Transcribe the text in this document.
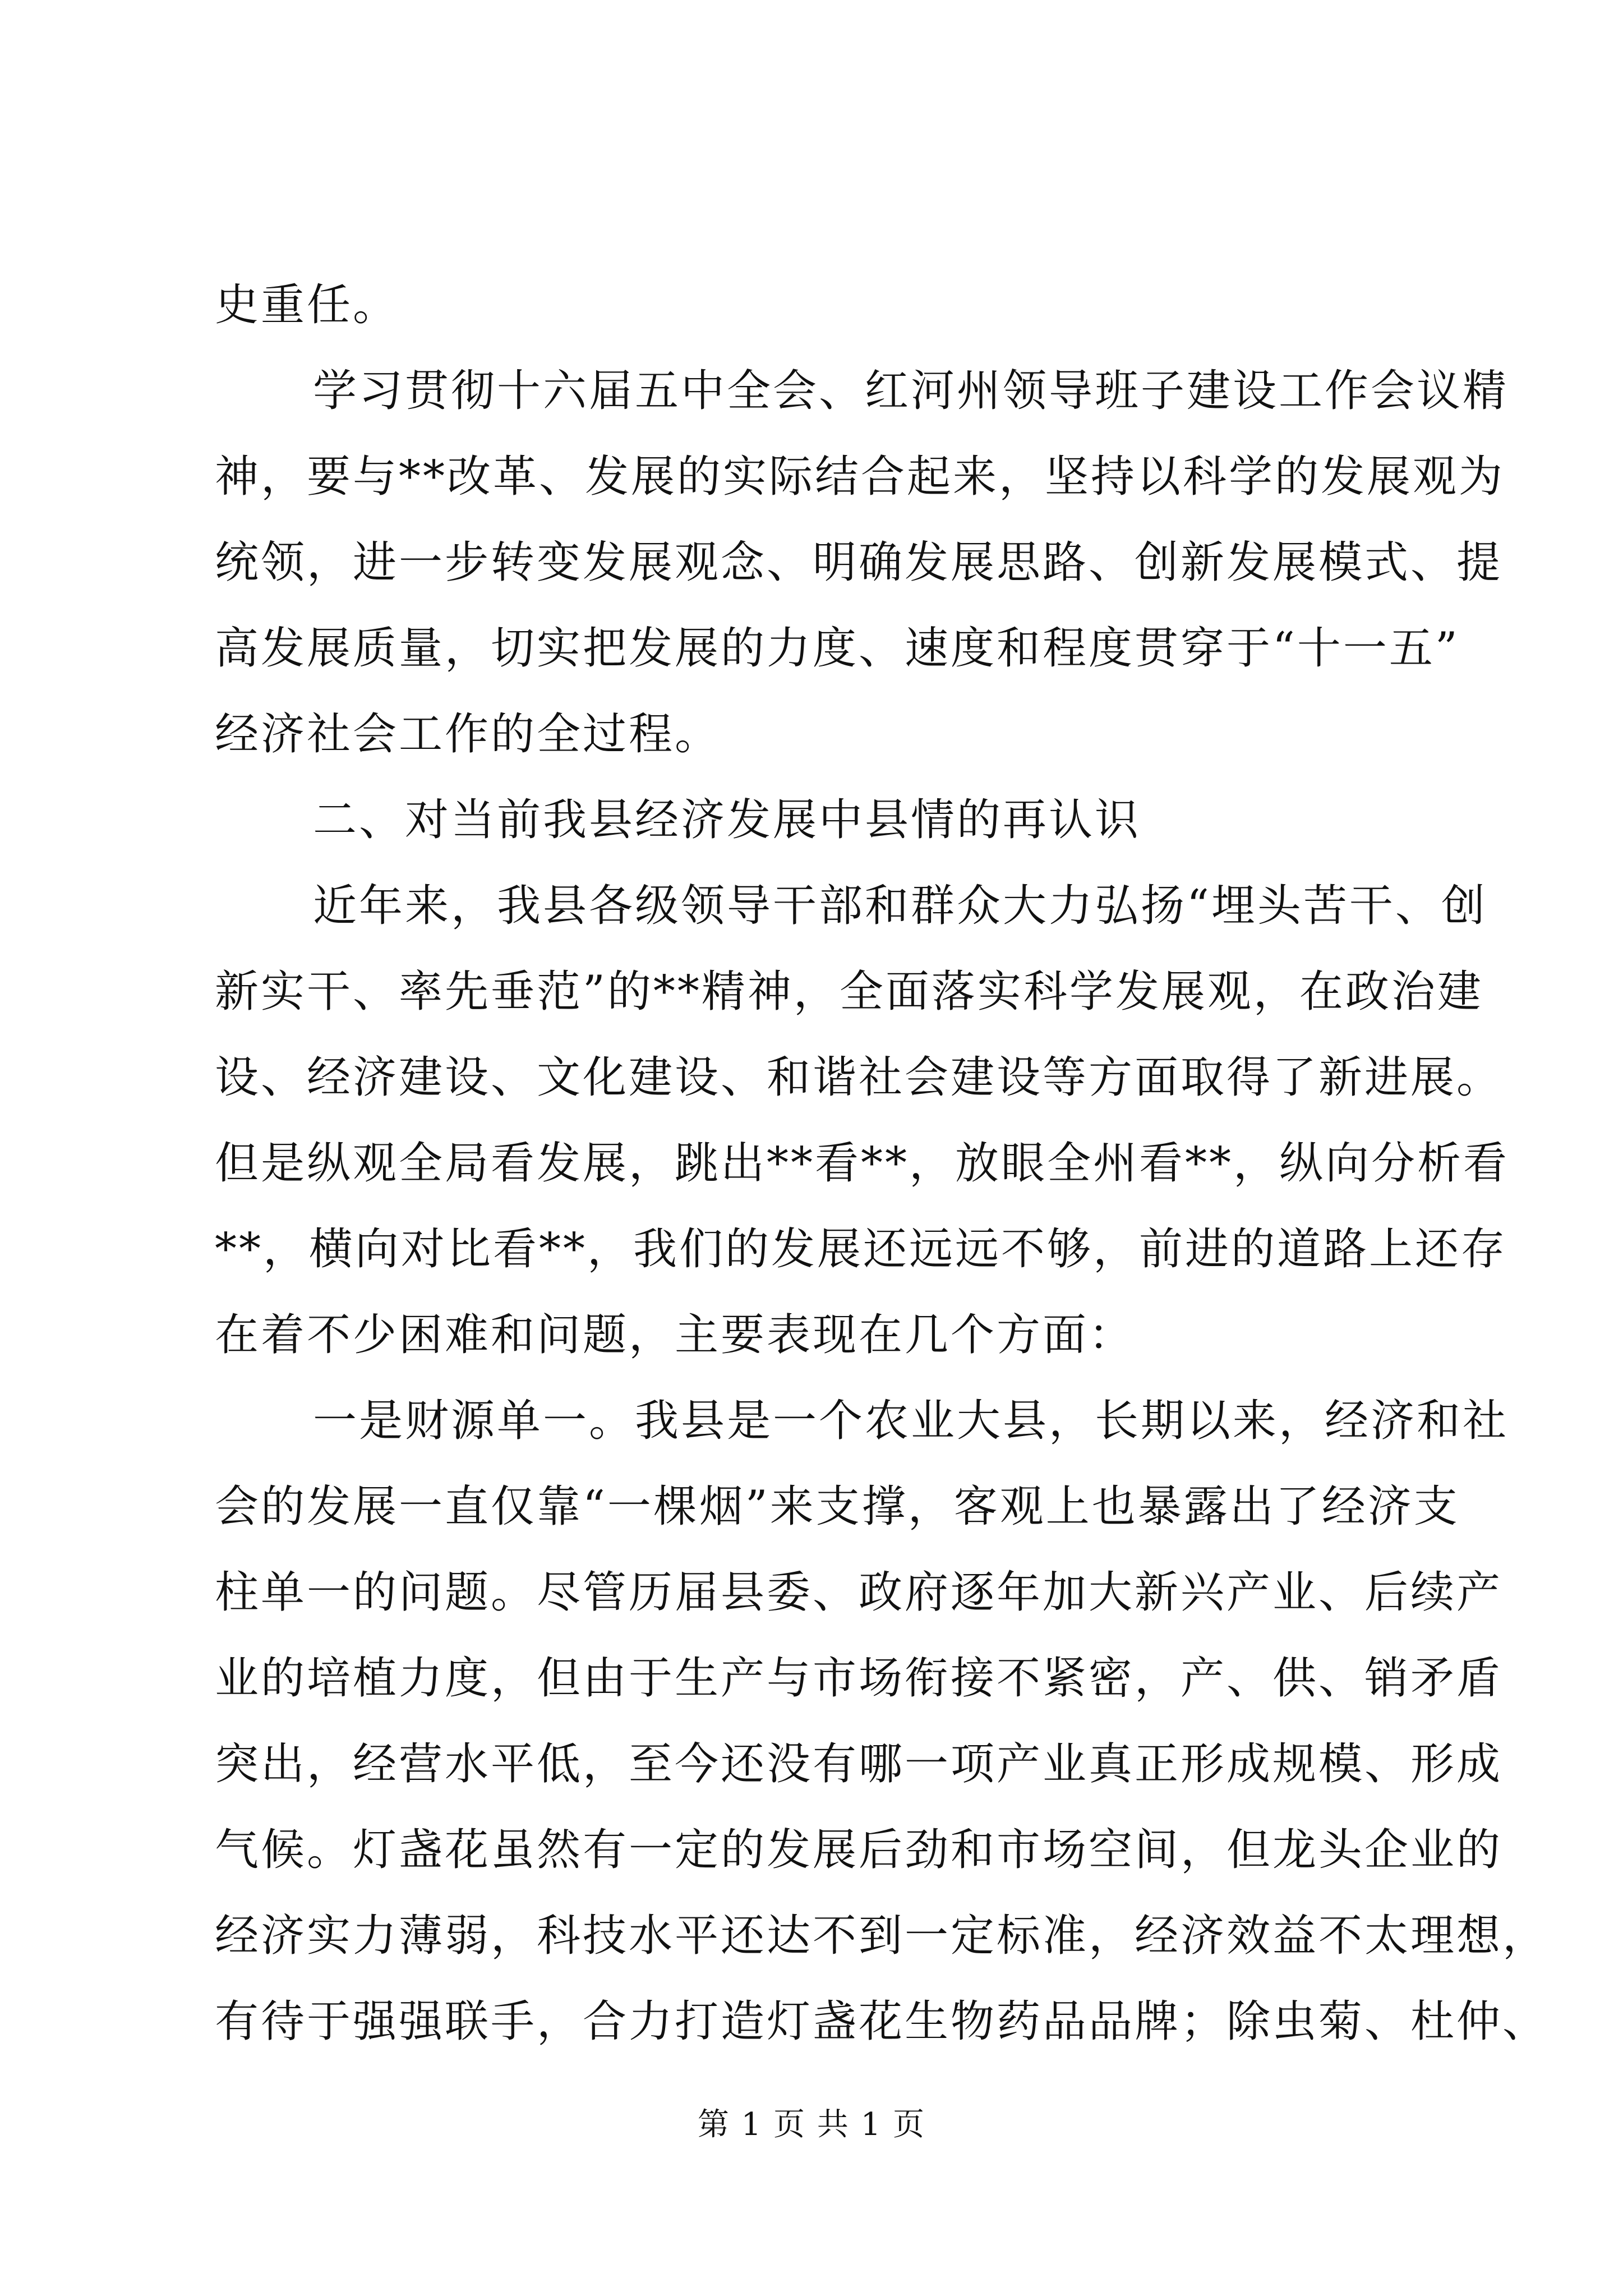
史重任。
学习贯彻十六届五中全会、红河州领导班子建设工作会议精
神，要与**改革、发展的实际结合起来，坚持以科学的发展观为
统领，进一步转变发展观念、明确发展思路、创新发展模式、提
高发展质量，切实把发展的力度、速度和程度贯穿于“十一五”
经济社会工作的全过程。
二、对当前我县经济发展中县情的再认识
近年来，我县各级领导干部和群众大力弘扬“埋头苦干、创
新实干、率先垂范”的**精神，全面落实科学发展观，在政治建
设、经济建设、文化建设、和谐社会建设等方面取得了新进展。
但是纵观全局看发展，跳出**看**，放眼全州看**，纵向分析看
**，横向对比看**，我们的发展还远远不够，前进的道路上还存
在着不少困难和问题，主要表现在几个方面：
一是财源单一。我县是一个农业大县，长期以来，经济和社
会的发展一直仅靠“一棵烟”来支撑，客观上也暴露出了经济支
柱单一的问题。尽管历届县委、政府逐年加大新兴产业、后续产
业的培植力度，但由于生产与市场衔接不紧密，产、供、销矛盾
突出，经营水平低，至今还没有哪一项产业真正形成规模、形成
气候。灯盏花虽然有一定的发展后劲和市场空间，但龙头企业的
经济实力薄弱，科技水平还达不到一定标准，经济效益不太理想，
有待于强强联手，合力打造灯盏花生物药品品牌；除虫菊、杜仲、
第 1 页 共 1 页
